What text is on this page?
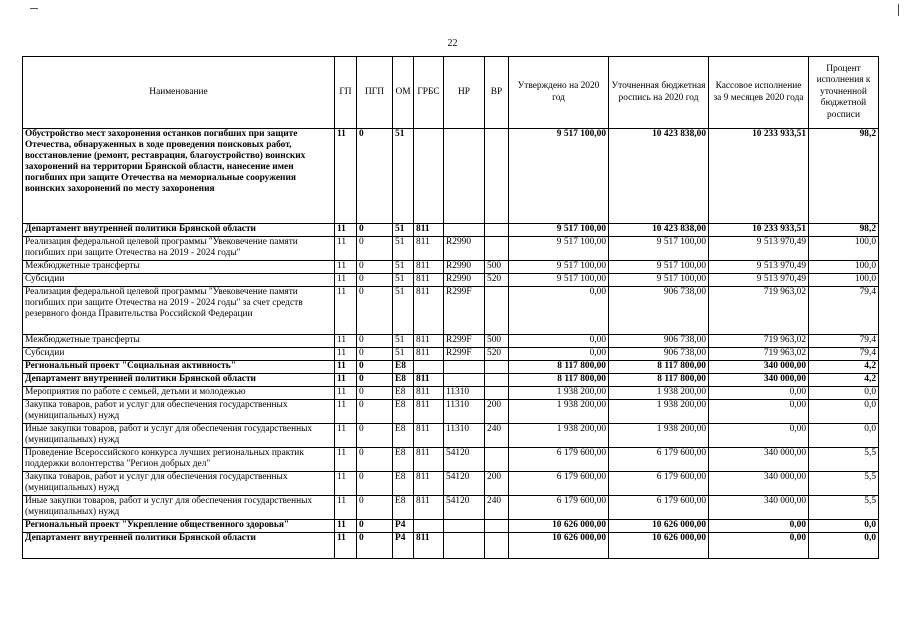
22
Наименование	ГП	ПГП	ОМ	ГРБС	НР	ВР	Утверждено на 2020 год	Уточненная бюджетная роспись на 2020 год	Кассовое исполнение за 9 месяцев 2020 года	Процент исполнения к уточненной бюджетной росписи
Обустройство мест захоронения останков погибших при защите Отечества, обнаруженных в ходе проведения поисковых работ, восстановление (ремонт, реставрация, благоустройство) воинских захоронений на территории Брянской области, нанесение имен погибших при защите Отечества на мемориальные сооружения воинских захоронений по месту захоронения	11	0	51				9 517 100,00	10 423 838,00	10 233 933,51	98,2
Департамент внутренней политики Брянской области	11	0	51	811			9 517 100,00	10 423 838,00	10 233 933,51	98,2
Реализация федеральной целевой программы "Увековечение памяти погибших при защите Отечества на 2019 - 2024 годы"	11	0	51	811	R2990		9 517 100,00	9 517 100,00	9 513 970,49	100,0
Межбюджетные трансферты	11	0	51	811	R2990	500	9 517 100,00	9 517 100,00	9 513 970,49	100,0
Субсидии	11	0	51	811	R2990	520	9 517 100,00	9 517 100,00	9 513 970,49	100,0
Реализация федеральной целевой программы "Увековечение памяти погибших при защите Отечества на 2019 - 2024 годы" за счет средств резервного фонда Правительства Российской Федерации	11	0	51	811	R299F		0,00	906 738,00	719 963,02	79,4
Межбюджетные трансферты	11	0	51	811	R299F	500	0,00	906 738,00	719 963,02	79,4
Субсидии	11	0	51	811	R299F	520	0,00	906 738,00	719 963,02	79,4
Региональный проект "Социальная активность"	11	0	E8				8 117 800,00	8 117 800,00	340 000,00	4,2
Департамент внутренней политики Брянской области	11	0	E8	811			8 117 800,00	8 117 800,00	340 000,00	4,2
Мероприятия по работе с семьей, детьми и молодежью	11	0	E8	811	11310		1 938 200,00	1 938 200,00	0,00	0,0
Закупка товаров, работ и услуг для обеспечения государственных (муниципальных) нужд	11	0	E8	811	11310	200	1 938 200,00	1 938 200,00	0,00	0,0
Иные закупки товаров, работ и услуг для обеспечения государственных (муниципальных) нужд	11	0	E8	811	11310	240	1 938 200,00	1 938 200,00	0,00	0,0
Проведение Всероссийского конкурса лучших региональных практик поддержки волонтерства "Регион добрых дел"	11	0	E8	811	54120		6 179 600,00	6 179 600,00	340 000,00	5,5
Закупка товаров, работ и услуг для обеспечения государственных (муниципальных) нужд	11	0	E8	811	54120	200	6 179 600,00	6 179 600,00	340 000,00	5,5
Иные закупки товаров, работ и услуг для обеспечения государственных (муниципальных) нужд	11	0	E8	811	54120	240	6 179 600,00	6 179 600,00	340 000,00	5,5
Региональный проект "Укрепление общественного здоровья"	11	0	P4				10 626 000,00	10 626 000,00	0,00	0,0
Департамент внутренней политики Брянской области	11	0	P4	811			10 626 000,00	10 626 000,00	0,00	0,0
